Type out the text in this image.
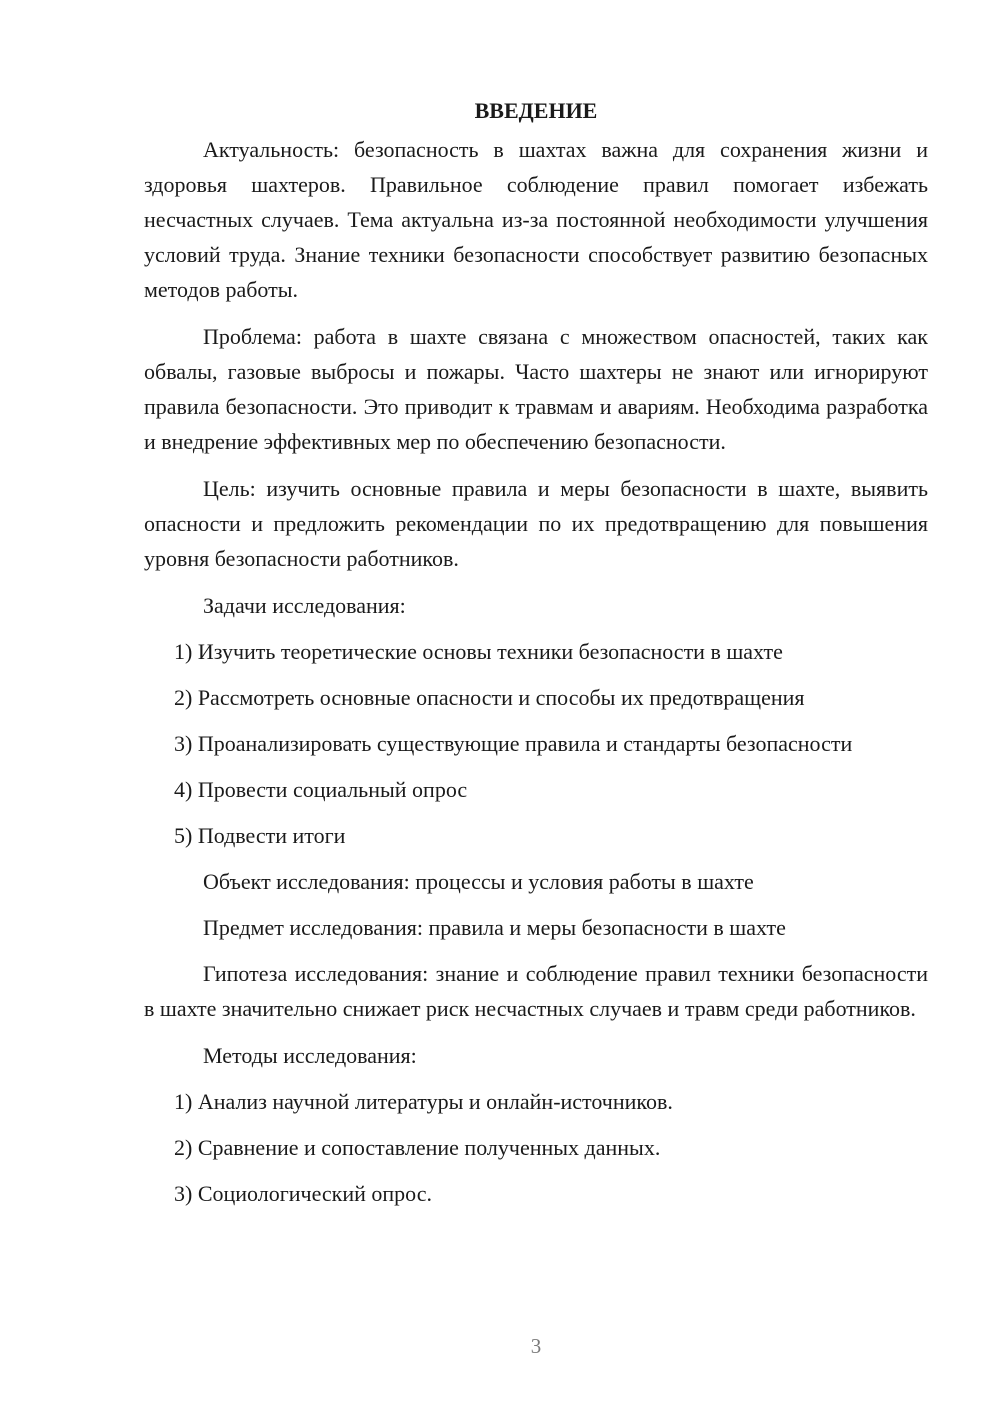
ВВЕДЕНИЕ

Актуальность: безопасность в шахтах важна для сохранения жизни и здоровья шахтеров. Правильное соблюдение правил помогает избежать несчастных случаев. Тема актуальна из-за постоянной необходимости улучшения условий труда. Знание техники безопасности способствует развитию безопасных методов работы.

Проблема: работа в шахте связана с множеством опасностей, таких как обвалы, газовые выбросы и пожары. Часто шахтеры не знают или игнорируют правила безопасности. Это приводит к травмам и авариям. Необходима разработка и внедрение эффективных мер по обеспечению безопасности.

Цель: изучить основные правила и меры безопасности в шахте, выявить опасности и предложить рекомендации по их предотвращению для повышения уровня безопасности работников.

Задачи исследования:

1) Изучить теоретические основы техники безопасности в шахте

2) Рассмотреть основные опасности и способы их предотвращения

3) Проанализировать существующие правила и стандарты безопасности

4) Провести социальный опрос

5) Подвести итоги

Объект исследования: процессы и условия работы в шахте

Предмет исследования: правила и меры безопасности в шахте

Гипотеза исследования: знание и соблюдение правил техники безопасности в шахте значительно снижает риск несчастных случаев и травм среди работников.

Методы исследования:

1) Анализ научной литературы и онлайн-источников.

2) Сравнение и сопоставление полученных данных.

3) Социологический опрос.

3
